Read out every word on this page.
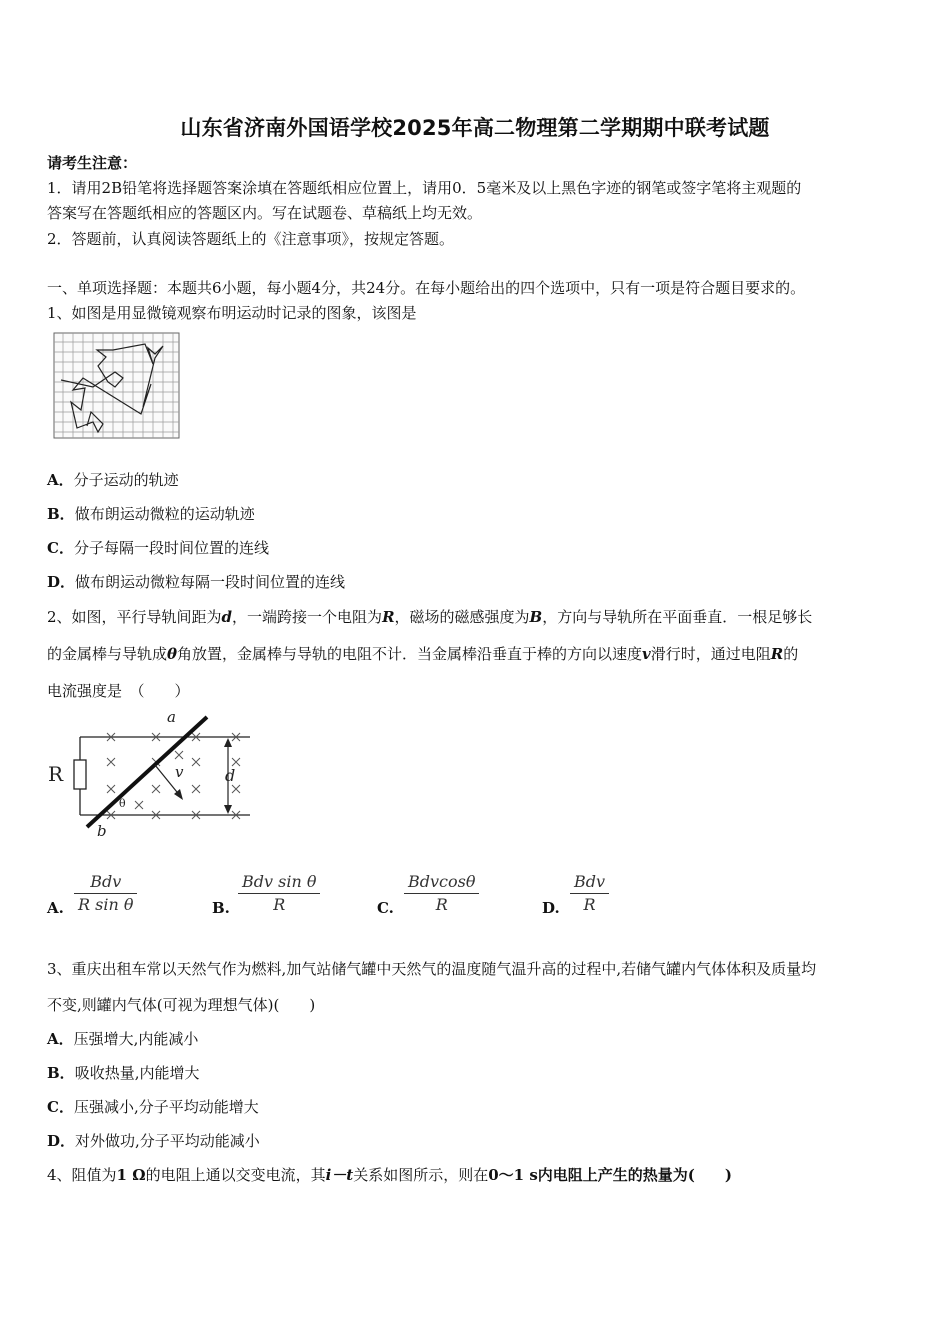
山东省济南外国语学校2025年高二物理第二学期期中联考试题
请考生注意：
1．请用2B铅笔将选择题答案涂填在答题纸相应位置上，请用0．5毫米及以上黑色字迹的钢笔或签字笔将主观题的
答案写在答题纸相应的答题区内。写在试题卷、草稿纸上均无效。
2．答题前，认真阅读答题纸上的《注意事项》，按规定答题。
一、单项选择题：本题共6小题，每小题4分，共24分。在每小题给出的四个选项中，只有一项是符合题目要求的。
1、如图是用显微镜观察布明运动时记录的图象，该图是
A．分子运动的轨迹
B．做布朗运动微粒的运动轨迹
C．分子每隔一段时间位置的连线
D．做布朗运动微粒每隔一段时间位置的连线
2、如图，平行导轨间距为d，一端跨接一个电阻为R，磁场的磁感强度为B，方向与导轨所在平面垂直．一根足够长
的金属棒与导轨成θ角放置，金属棒与导轨的电阻不计．当金属棒沿垂直于棒的方向以速度v滑行时，通过电阻R的
电流强度是　（　　）
R
a
b
v	d
θ
A.
Bdv
R sin θ	B.
Bdv sin θ
R	C.
Bdvcosθ
R	D.
Bdv
R
3、重庆出租车常以天然气作为燃料,加气站储气罐中天然气的温度随气温升高的过程中,若储气罐内气体体积及质量均
不变,则罐内气体(可视为理想气体)(　　)
A．压强增大,内能减小
B．吸收热量,内能增大
C．压强减小,分子平均动能增大
D．对外做功,分子平均动能减小
4、阻值为1 Ω的电阻上通以交变电流，其i－t关系如图所示，则在0～1 s内电阻上产生的热量为(　　)
